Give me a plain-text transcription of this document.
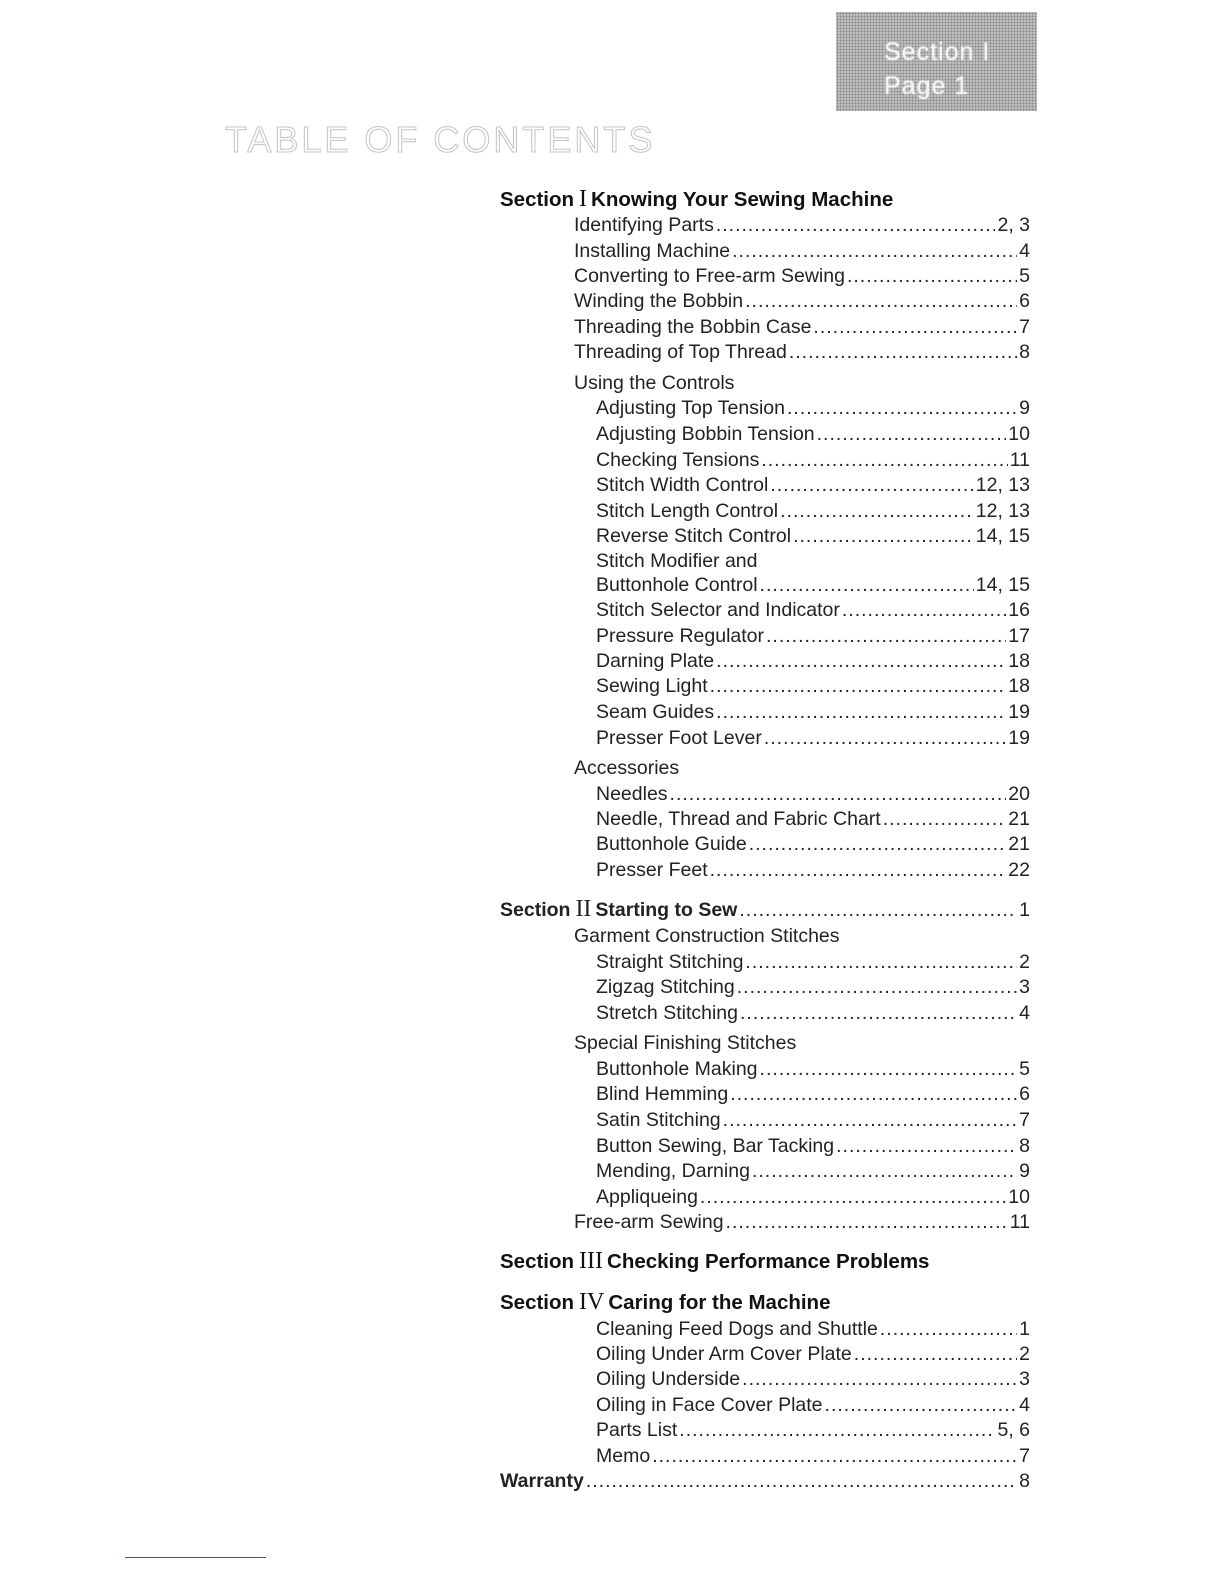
Section I
Page 1
TABLE OF CONTENTS
Section I Knowing Your Sewing Machine
Identifying Parts .....	2, 3
Installing Machine .....	4
Converting to Free-arm Sewing .....	5
Winding the Bobbin .....	6
Threading the Bobbin Case .....	7
Threading of Top Thread .....	8
Using the Controls
Adjusting Top Tension .....	9
Adjusting Bobbin Tension .....	10
Checking Tensions .....	11
Stitch Width Control .....	12, 13
Stitch Length Control .....	12, 13
Reverse Stitch Control .....	14, 15
Stitch Modifier and
Buttonhole Control .....	14, 15
Stitch Selector and Indicator .....	16
Pressure Regulator .....	17
Darning Plate .....	18
Sewing Light .....	18
Seam Guides .....	19
Presser Foot Lever .....	19
Accessories
Needles .....	20
Needle, Thread and Fabric Chart .....	21
Buttonhole Guide .....	21
Presser Feet .....	22
Section II Starting to Sew .....	1
Garment Construction Stitches
Straight Stitching .....	2
Zigzag Stitching .....	3
Stretch Stitching .....	4
Special Finishing Stitches
Buttonhole Making .....	5
Blind Hemming .....	6
Satin Stitching .....	7
Button Sewing, Bar Tacking .....	8
Mending, Darning .....	9
Appliqueing .....	10
Free-arm Sewing .....	11
Section III Checking Performance Problems
Section IV Caring for the Machine
Cleaning Feed Dogs and Shuttle .....	1
Oiling Under Arm Cover Plate .....	2
Oiling Underside .....	3
Oiling in Face Cover Plate .....	4
Parts List .....	5, 6
Memo .....	7
Warranty .....	8
